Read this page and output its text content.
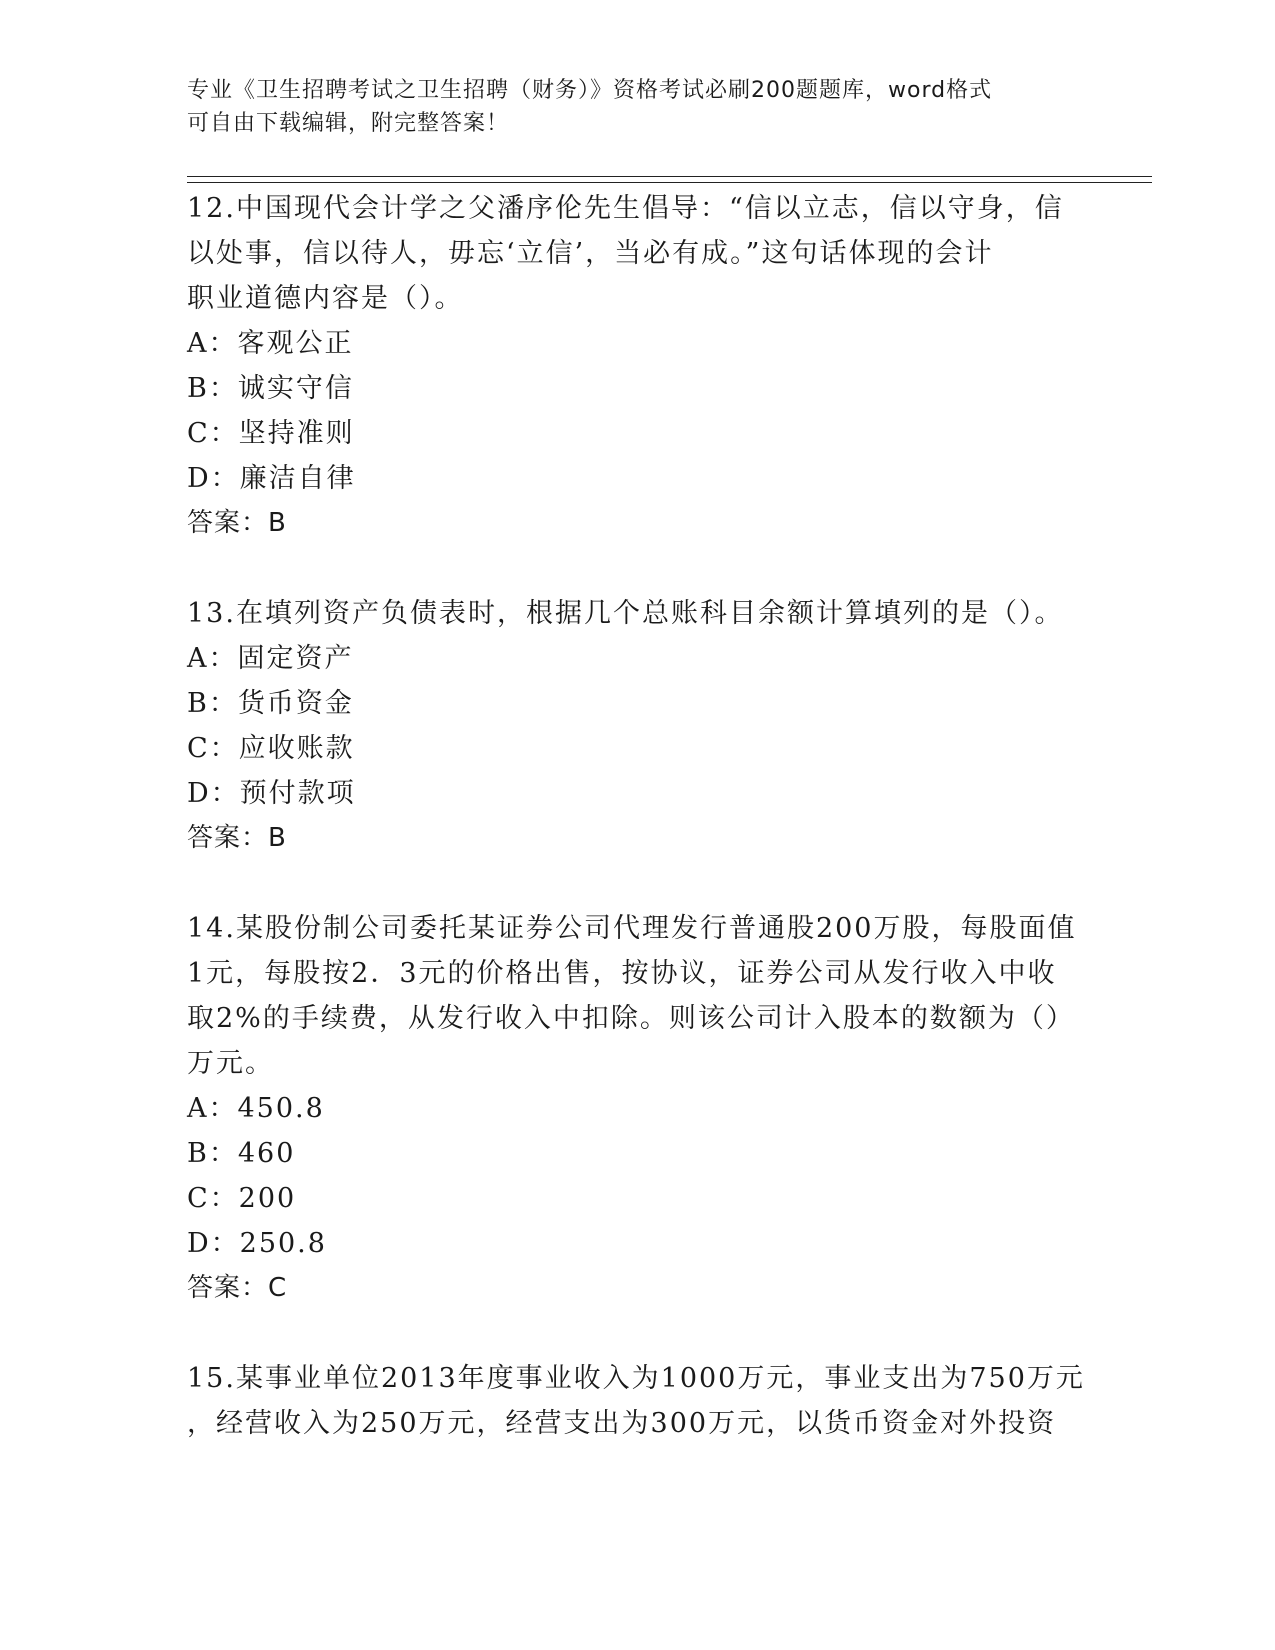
专业《卫生招聘考试之卫生招聘（财务）》资格考试必刷200题题库，word格式
可自由下载编辑，附完整答案！

12.中国现代会计学之父潘序伦先生倡导：“信以立志，信以守身，信

以处事，信以待人，毋忘‘立信’，当必有成。”这句话体现的会计

职业道德内容是（）。

A：客观公正

B：诚实守信

C：坚持准则

D：廉洁自律

答案：B

13.在填列资产负债表时，根据几个总账科目余额计算填列的是（）。

A：固定资产

B：货币资金

C：应收账款

D：预付款项

答案：B

14.某股份制公司委托某证券公司代理发行普通股200万股，每股面值

1元，每股按2．3元的价格出售，按协议，证券公司从发行收入中收

取2%的手续费，从发行收入中扣除。则该公司计入股本的数额为（）

万元。

A：450.8

B：460

C：200

D：250.8

答案：C

15.某事业单位2013年度事业收入为1000万元，事业支出为750万元

，经营收入为250万元，经营支出为300万元，以货币资金对外投资
